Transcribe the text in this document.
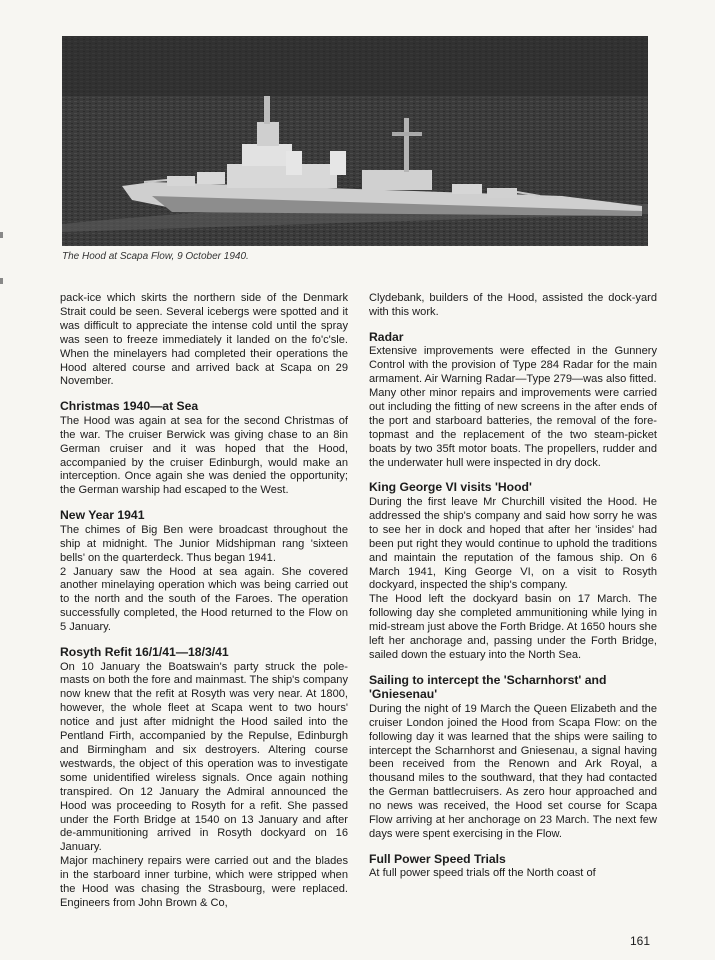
The Hood at Scapa Flow, 9 October 1940.

pack-ice which skirts the northern side of the Denmark Strait could be seen. Several icebergs were spotted and it was difficult to appreciate the intense cold until the spray was seen to freeze immediately it landed on the fo'c'sle. When the minelayers had completed their operations the Hood altered course and arrived back at Scapa on 29 November.

Christmas 1940—at Sea

The Hood was again at sea for the second Christmas of the war. The cruiser Berwick was giving chase to an 8in German cruiser and it was hoped that the Hood, accompanied by the cruiser Edinburgh, would make an interception. Once again she was denied the opportunity; the German warship had escaped to the West.

New Year 1941

The chimes of Big Ben were broadcast throughout the ship at midnight. The Junior Midshipman rang 'sixteen bells' on the quarterdeck. Thus began 1941.

2 January saw the Hood at sea again. She covered another minelaying operation which was being carried out to the north and the south of the Faroes. The operation successfully completed, the Hood returned to the Flow on 5 January.

Rosyth Refit 16/1/41—18/3/41

On 10 January the Boatswain's party struck the pole-masts on both the fore and mainmast. The ship's company now knew that the refit at Rosyth was very near. At 1800, however, the whole fleet at Scapa went to two hours' notice and just after midnight the Hood sailed into the Pentland Firth, accompanied by the Repulse, Edinburgh and Birmingham and six destroyers. Altering course westwards, the object of this operation was to investigate some unidentified wireless signals. Once again nothing transpired. On 12 January the Admiral announced the Hood was proceeding to Rosyth for a refit. She passed under the Forth Bridge at 1540 on 13 January and after de-ammunitioning arrived in Rosyth dockyard on 16 January.

Major machinery repairs were carried out and the blades in the starboard inner turbine, which were stripped when the Hood was chasing the Strasbourg, were replaced. Engineers from John Brown & Co,

Clydebank, builders of the Hood, assisted the dock-yard with this work.

Radar

Extensive improvements were effected in the Gunnery Control with the provision of Type 284 Radar for the main armament. Air Warning Radar—Type 279—was also fitted.

Many other minor repairs and improvements were carried out including the fitting of new screens in the after ends of the port and starboard batteries, the removal of the fore-topmast and the replacement of the two steam-picket boats by two 35ft motor boats. The propellers, rudder and the underwater hull were inspected in dry dock.

King George VI visits 'Hood'

During the first leave Mr Churchill visited the Hood. He addressed the ship's company and said how sorry he was to see her in dock and hoped that after her 'insides' had been put right they would continue to uphold the traditions and maintain the reputation of the famous ship. On 6 March 1941, King George VI, on a visit to Rosyth dockyard, inspected the ship's company.

The Hood left the dockyard basin on 17 March. The following day she completed ammunitioning while lying in mid-stream just above the Forth Bridge. At 1650 hours she left her anchorage and, passing under the Forth Bridge, sailed down the estuary into the North Sea.

Sailing to intercept the 'Scharnhorst' and 'Gniesenau'

During the night of 19 March the Queen Elizabeth and the cruiser London joined the Hood from Scapa Flow: on the following day it was learned that the ships were sailing to intercept the Scharnhorst and Gniesenau, a signal having been received from the Renown and Ark Royal, a thousand miles to the southward, that they had contacted the German battlecruisers. As zero hour approached and no news was received, the Hood set course for Scapa Flow arriving at her anchorage on 23 March. The next few days were spent exercising in the Flow.

Full Power Speed Trials

At full power speed trials off the North coast of

161
